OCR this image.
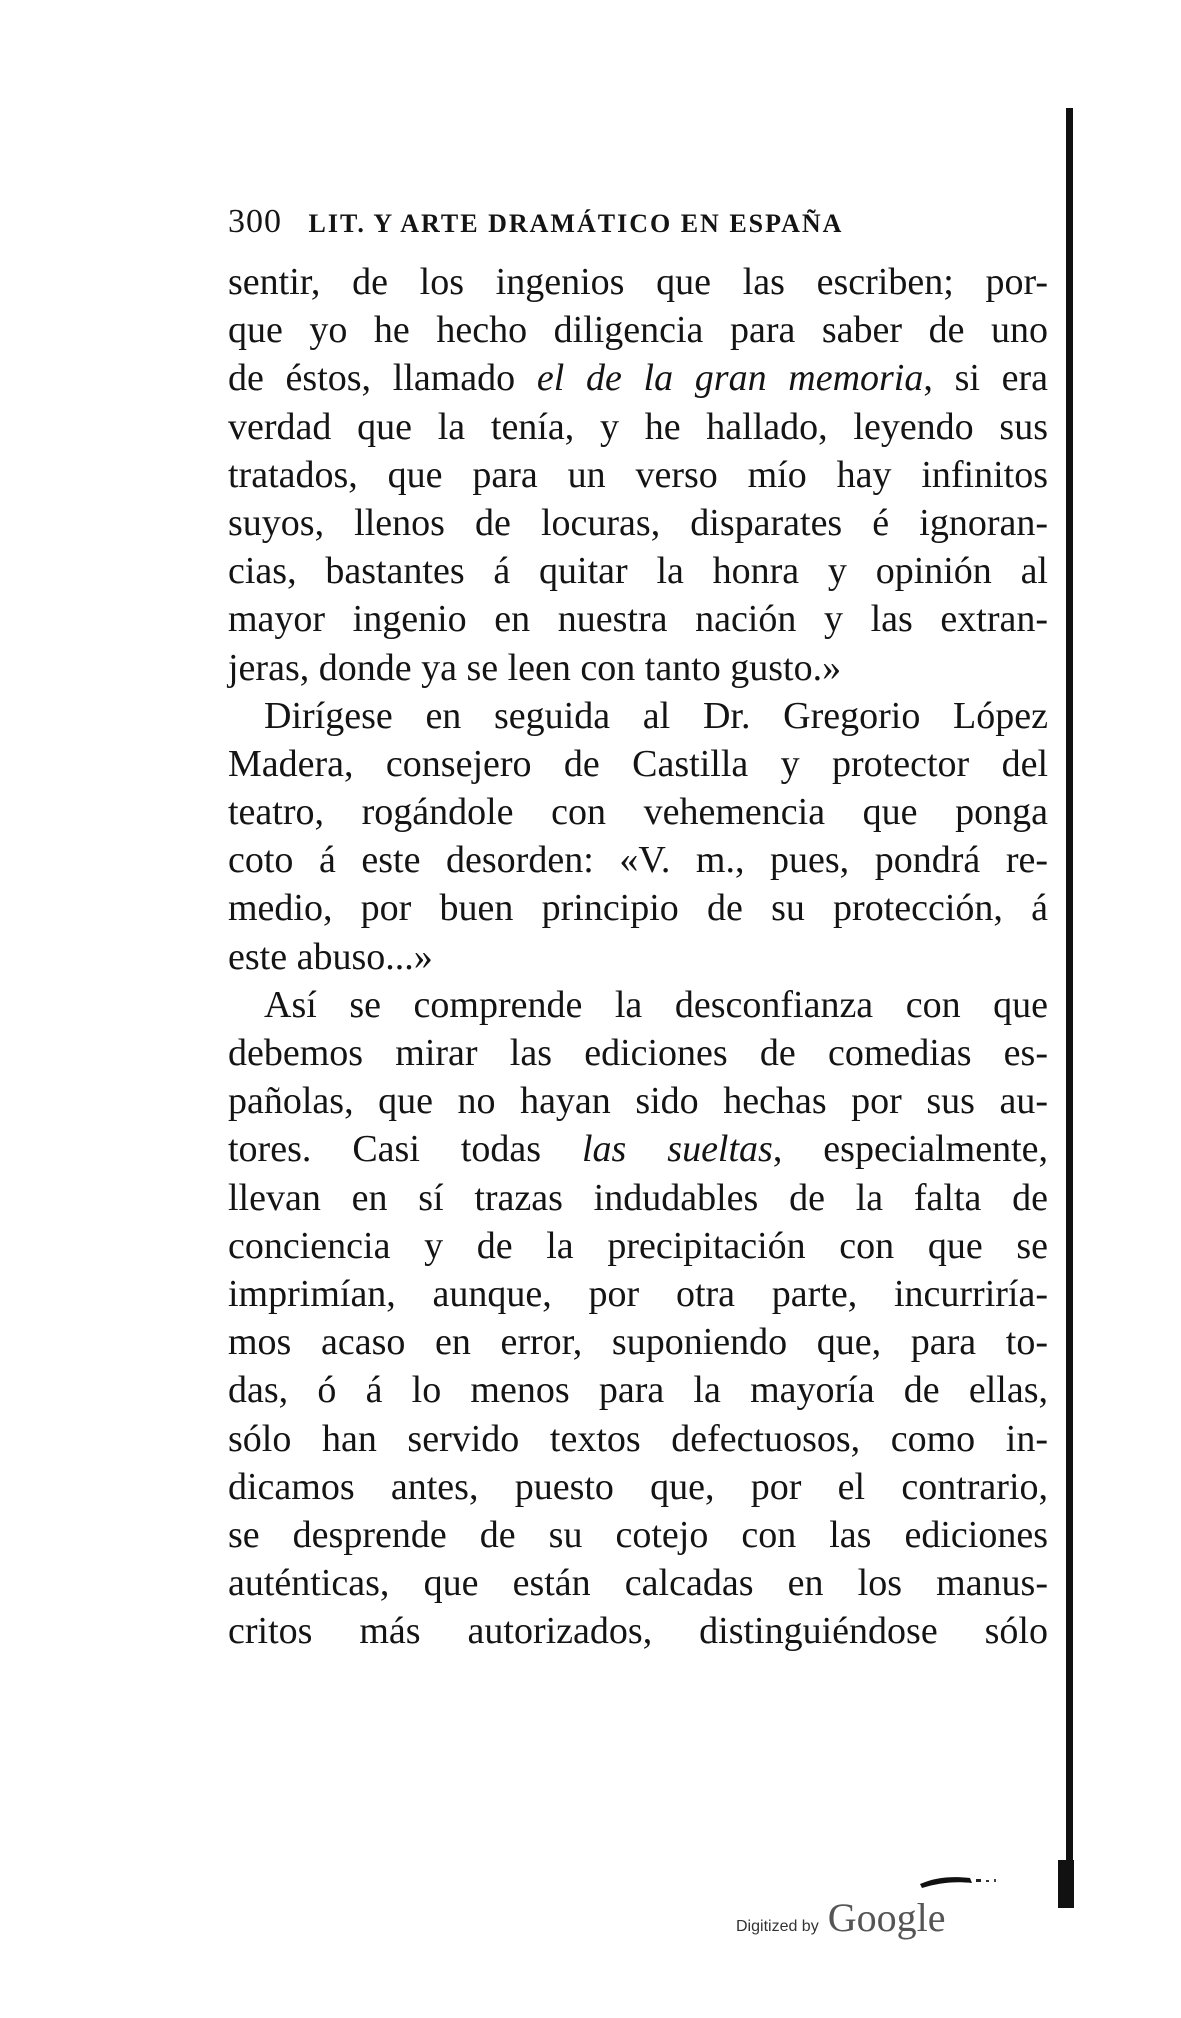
300 LIT. Y ARTE DRAMÁTICO EN ESPAÑA
sentir, de los ingenios que las escriben; por-
que yo he hecho diligencia para saber de uno
de éstos, llamado el de la gran memoria, si era
verdad que la tenía, y he hallado, leyendo sus
tratados, que para un verso mío hay infinitos
suyos, llenos de locuras, disparates é ignoran-
cias, bastantes á quitar la honra y opinión al
mayor ingenio en nuestra nación y las extran-
jeras, donde ya se leen con tanto gusto.»
Dirígese en seguida al Dr. Gregorio López
Madera, consejero de Castilla y protector del
teatro, rogándole con vehemencia que ponga
coto á este desorden: «V. m., pues, pondrá re-
medio, por buen principio de su protección, á
este abuso...»
Así se comprende la desconfianza con que
debemos mirar las ediciones de comedias es-
pañolas, que no hayan sido hechas por sus au-
tores. Casi todas las sueltas, especialmente,
llevan en sí trazas indudables de la falta de
conciencia y de la precipitación con que se
imprimían, aunque, por otra parte, incurriría-
mos acaso en error, suponiendo que, para to-
das, ó á lo menos para la mayoría de ellas,
sólo han servido textos defectuosos, como in-
dicamos antes, puesto que, por el contrario,
se desprende de su cotejo con las ediciones
auténticas, que están calcadas en los manus-
critos más autorizados, distinguiéndose sólo
Digitized by Google
